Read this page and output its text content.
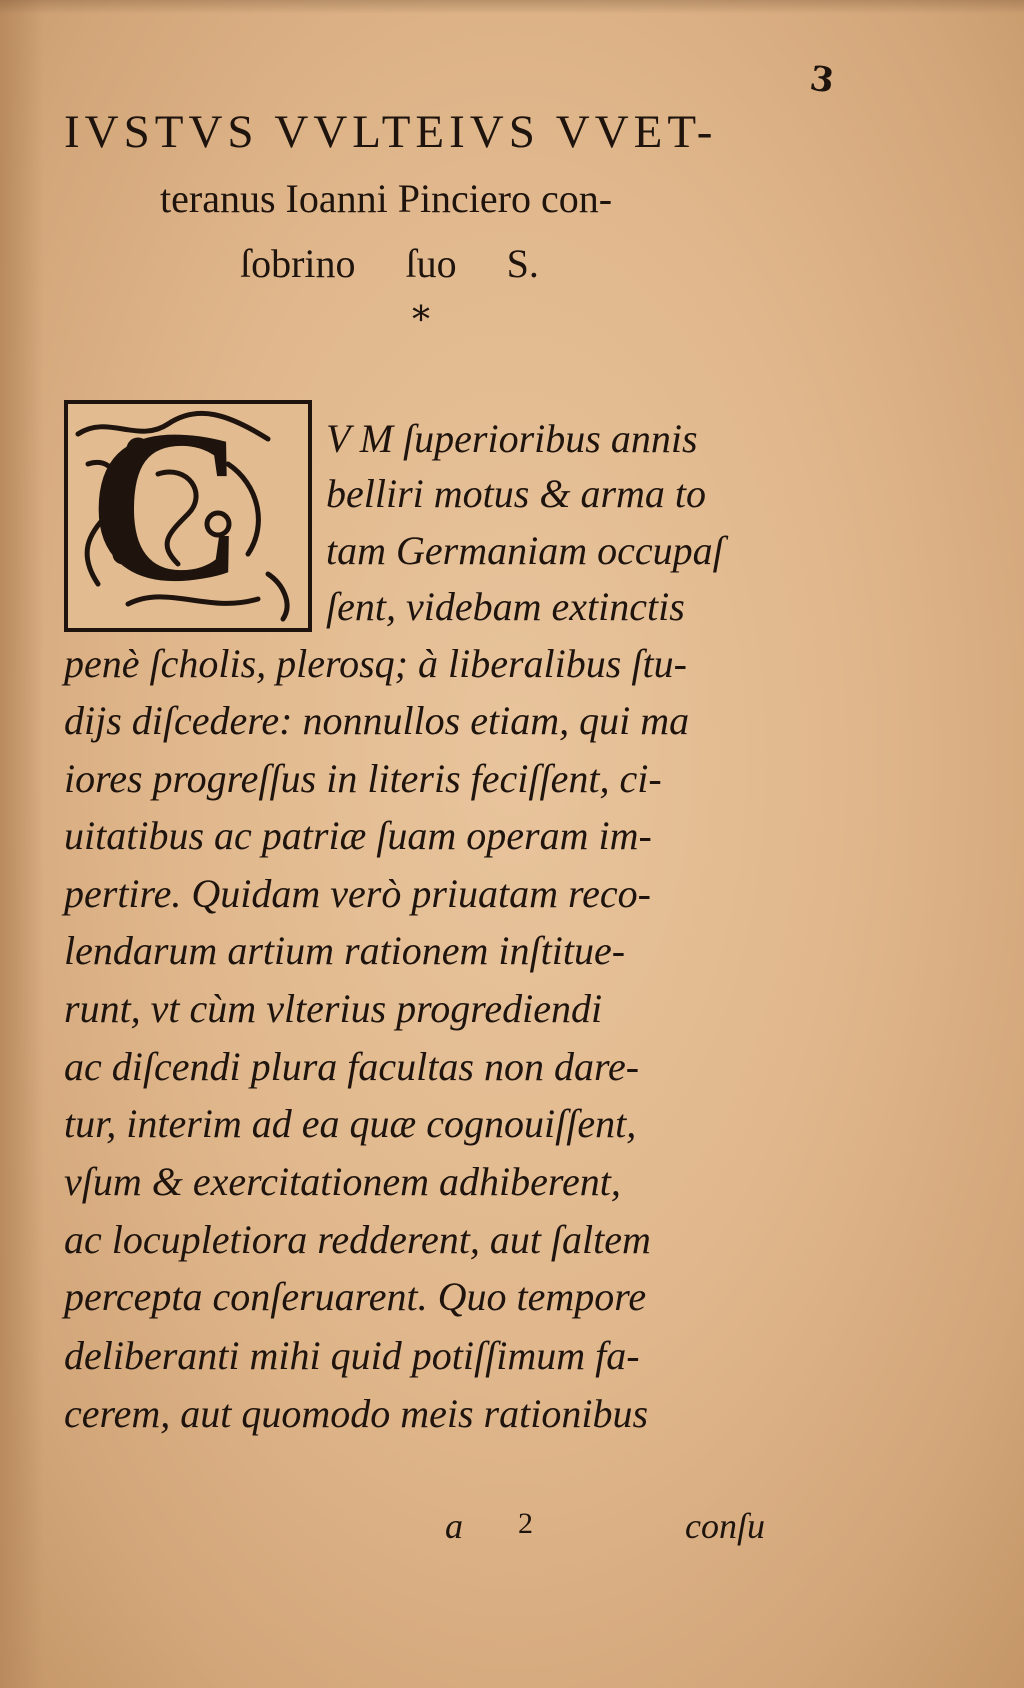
3
IVSTVS VVLTEIVS VVET-
teranus Ioanni Pinciero con-
ſobrino ſuo S.
*
C V M ſuperioribus annis
belliri motus & arma to
tam Germaniam occupaſ
ſent, videbam extinctis
penè ſcholis, plerosq; à liberalibus ſtu-
dijs diſcedere: nonnullos etiam, qui ma
iores progreſſus in literis feciſſent, ci-
uitatibus ac patriæ ſuam operam im-
pertire. Quidam verò priuatam reco-
lendarum artium rationem inſtitue-
runt, vt cùm vlterius progrediendi
ac diſcendi plura facultas non dare-
tur, interim ad ea quæ cognouiſſent,
vſum & exercitationem adhiberent,
ac locupletiora redderent, aut ſaltem
percepta conſeruarent. Quo tempore
deliberanti mihi quid potiſſimum fa-
cerem, aut quomodo meis rationibus
a 2	conſu
